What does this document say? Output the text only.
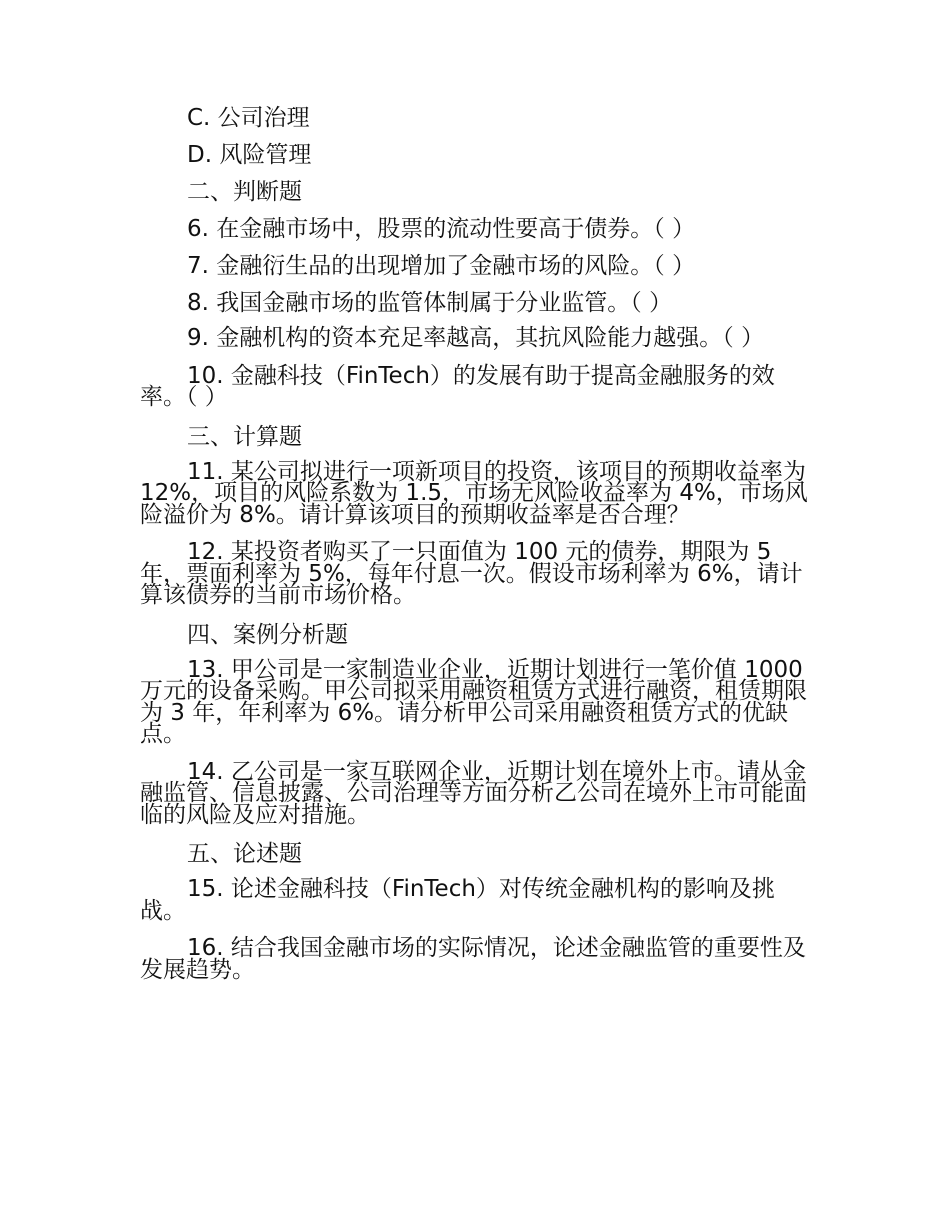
C. 公司治理

D. 风险管理

二、判断题

6. 在金融市场中，股票的流动性要高于债券。（ ）

7. 金融衍生品的出现增加了金融市场的风险。（ ）

8. 我国金融市场的监管体制属于分业监管。（ ）

9. 金融机构的资本充足率越高，其抗风险能力越强。（ ）

10. 金融科技（FinTech）的发展有助于提高金融服务的效率。（ ）

三、计算题

11. 某公司拟进行一项新项目的投资，该项目的预期收益率为 12%，项目的风险系数为 1.5，市场无风险收益率为 4%，市场风险溢价为 8%。请计算该项目的预期收益率是否合理？

12. 某投资者购买了一只面值为 100 元的债券，期限为 5 年，票面利率为 5%，每年付息一次。假设市场利率为 6%，请计算该债券的当前市场价格。

四、案例分析题

13. 甲公司是一家制造业企业，近期计划进行一笔价值 1000 万元的设备采购。甲公司拟采用融资租赁方式进行融资，租赁期限为 3 年，年利率为 6%。请分析甲公司采用融资租赁方式的优缺点。

14. 乙公司是一家互联网企业，近期计划在境外上市。请从金融监管、信息披露、公司治理等方面分析乙公司在境外上市可能面临的风险及应对措施。

五、论述题

15. 论述金融科技（FinTech）对传统金融机构的影响及挑战。

16. 结合我国金融市场的实际情况，论述金融监管的重要性及发展趋势。
